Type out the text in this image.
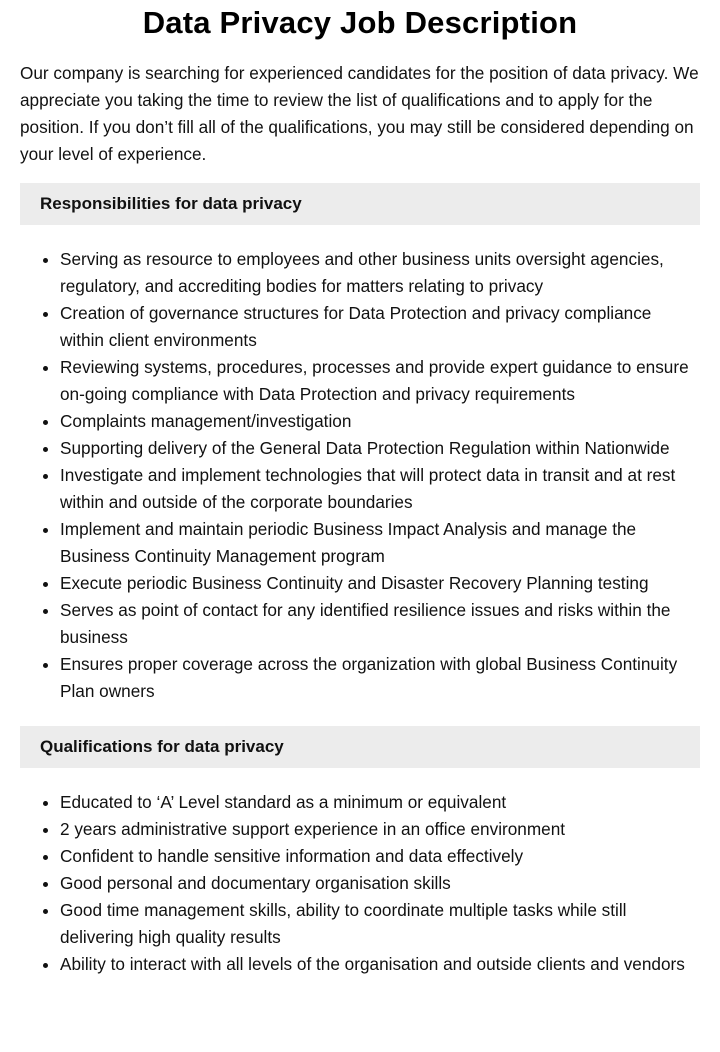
Data Privacy Job Description

Our company is searching for experienced candidates for the position of data privacy. We appreciate you taking the time to review the list of qualifications and to apply for the position. If you don’t fill all of the qualifications, you may still be considered depending on your level of experience.

Responsibilities for data privacy
Serving as resource to employees and other business units oversight agencies, regulatory, and accrediting bodies for matters relating to privacy
Creation of governance structures for Data Protection and privacy compliance within client environments
Reviewing systems, procedures, processes and provide expert guidance to ensure on-going compliance with Data Protection and privacy requirements
Complaints management/investigation
Supporting delivery of the General Data Protection Regulation within Nationwide
Investigate and implement technologies that will protect data in transit and at rest within and outside of the corporate boundaries
Implement and maintain periodic Business Impact Analysis and manage the Business Continuity Management program
Execute periodic Business Continuity and Disaster Recovery Planning testing
Serves as point of contact for any identified resilience issues and risks within the business
Ensures proper coverage across the organization with global Business Continuity Plan owners
Qualifications for data privacy
Educated to ‘A’ Level standard as a minimum or equivalent
2 years administrative support experience in an office environment
Confident to handle sensitive information and data effectively
Good personal and documentary organisation skills
Good time management skills, ability to coordinate multiple tasks while still delivering high quality results
Ability to interact with all levels of the organisation and outside clients and vendors
